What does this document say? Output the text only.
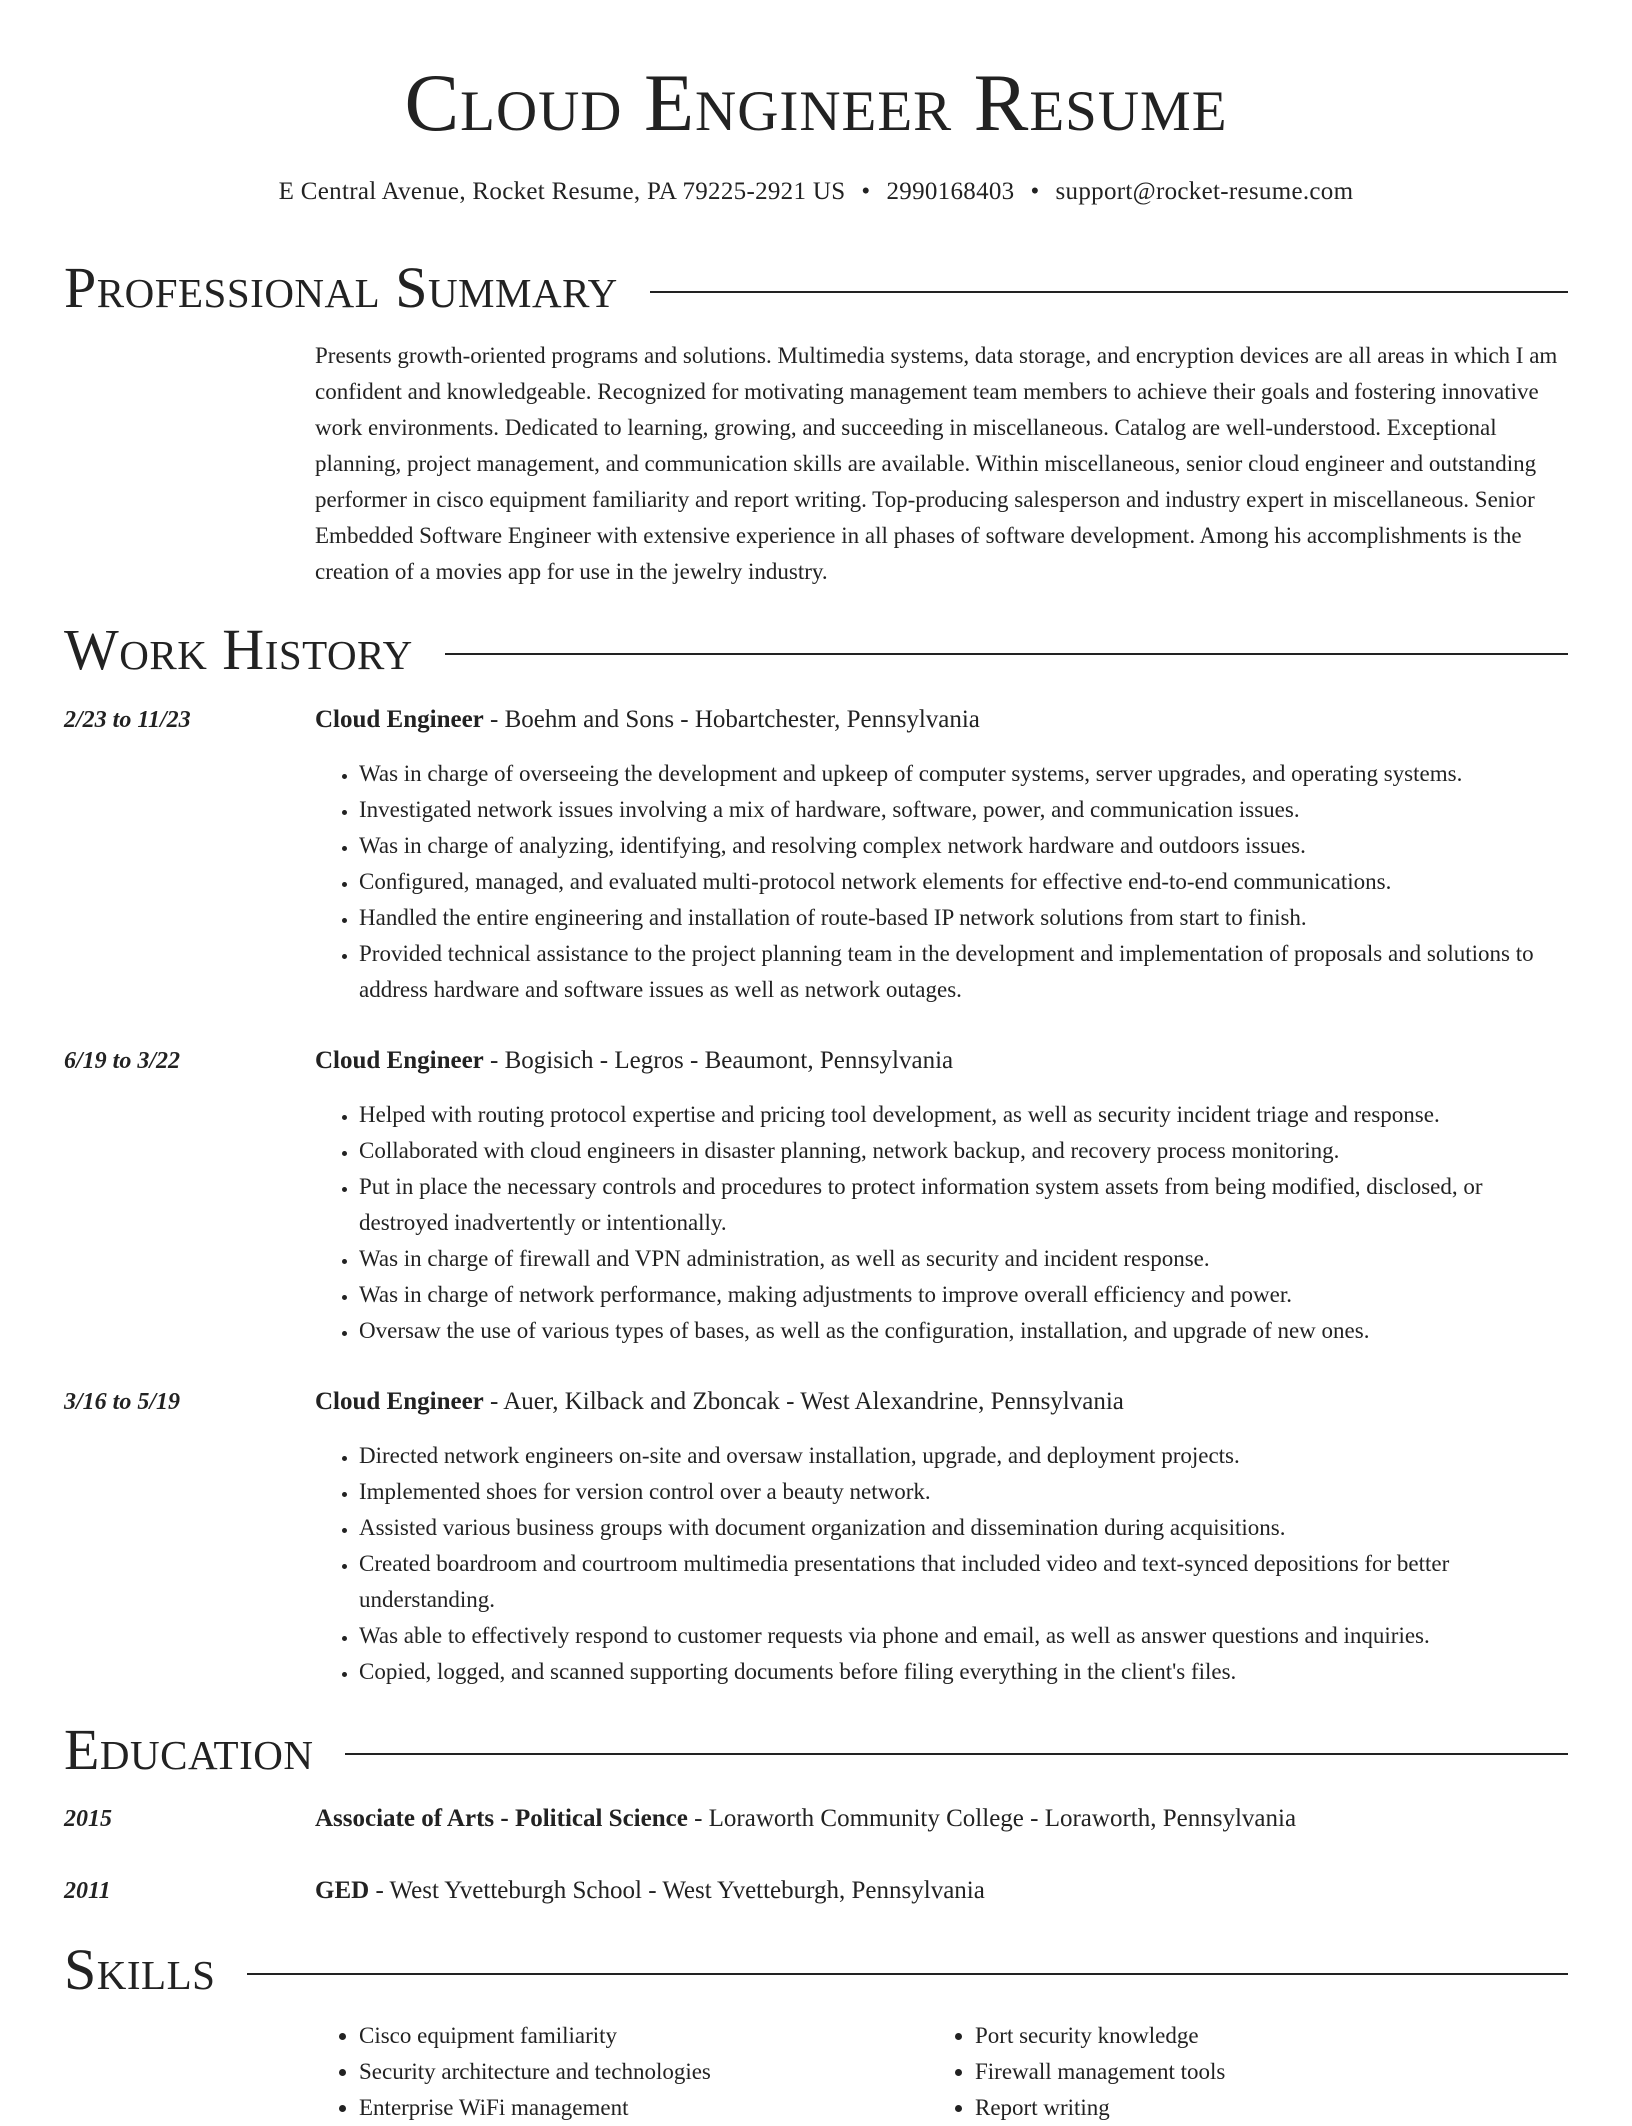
Cloud Engineer Resume
E Central Avenue, Rocket Resume, PA 79225-2921 US • 2990168403 • support@rocket-resume.com
Professional Summary

Presents growth-oriented programs and solutions. Multimedia systems, data storage, and encryption devices are all areas in which I am confident and knowledgeable. Recognized for motivating management team members to achieve their goals and fostering innovative work environments. Dedicated to learning, growing, and succeeding in miscellaneous. Catalog are well-understood. Exceptional planning, project management, and communication skills are available. Within miscellaneous, senior cloud engineer and outstanding performer in cisco equipment familiarity and report writing. Top-producing salesperson and industry expert in miscellaneous. Senior Embedded Software Engineer with extensive experience in all phases of software development. Among his accomplishments is the creation of a movies app for use in the jewelry industry.

Work History
2/23 to 11/23	Cloud Engineer - Boehm and Sons - Hobartchester, Pennsylvania
• Was in charge of overseeing the development and upkeep of computer systems, server upgrades, and operating systems.
• Investigated network issues involving a mix of hardware, software, power, and communication issues.
• Was in charge of analyzing, identifying, and resolving complex network hardware and outdoors issues.
• Configured, managed, and evaluated multi-protocol network elements for effective end-to-end communications.
• Handled the entire engineering and installation of route-based IP network solutions from start to finish.
• Provided technical assistance to the project planning team in the development and implementation of proposals and solutions to address hardware and software issues as well as network outages.
6/19 to 3/22	Cloud Engineer - Bogisich - Legros - Beaumont, Pennsylvania
• Helped with routing protocol expertise and pricing tool development, as well as security incident triage and response.
• Collaborated with cloud engineers in disaster planning, network backup, and recovery process monitoring.
• Put in place the necessary controls and procedures to protect information system assets from being modified, disclosed, or destroyed inadvertently or intentionally.
• Was in charge of firewall and VPN administration, as well as security and incident response.
• Was in charge of network performance, making adjustments to improve overall efficiency and power.
• Oversaw the use of various types of bases, as well as the configuration, installation, and upgrade of new ones.
3/16 to 5/19	Cloud Engineer - Auer, Kilback and Zboncak - West Alexandrine, Pennsylvania
• Directed network engineers on-site and oversaw installation, upgrade, and deployment projects.
• Implemented shoes for version control over a beauty network.
• Assisted various business groups with document organization and dissemination during acquisitions.
• Created boardroom and courtroom multimedia presentations that included video and text-synced depositions for better understanding.
• Was able to effectively respond to customer requests via phone and email, as well as answer questions and inquiries.
• Copied, logged, and scanned supporting documents before filing everything in the client's files.
Education
2015	Associate of Arts - Political Science - Loraworth Community College - Loraworth, Pennsylvania
2011	GED - West Yvetteburgh School - West Yvetteburgh, Pennsylvania
Skills
• Cisco equipment familiarity
• Security architecture and technologies
• Enterprise WiFi management
• Port security knowledge
• Firewall management tools
• Report writing
